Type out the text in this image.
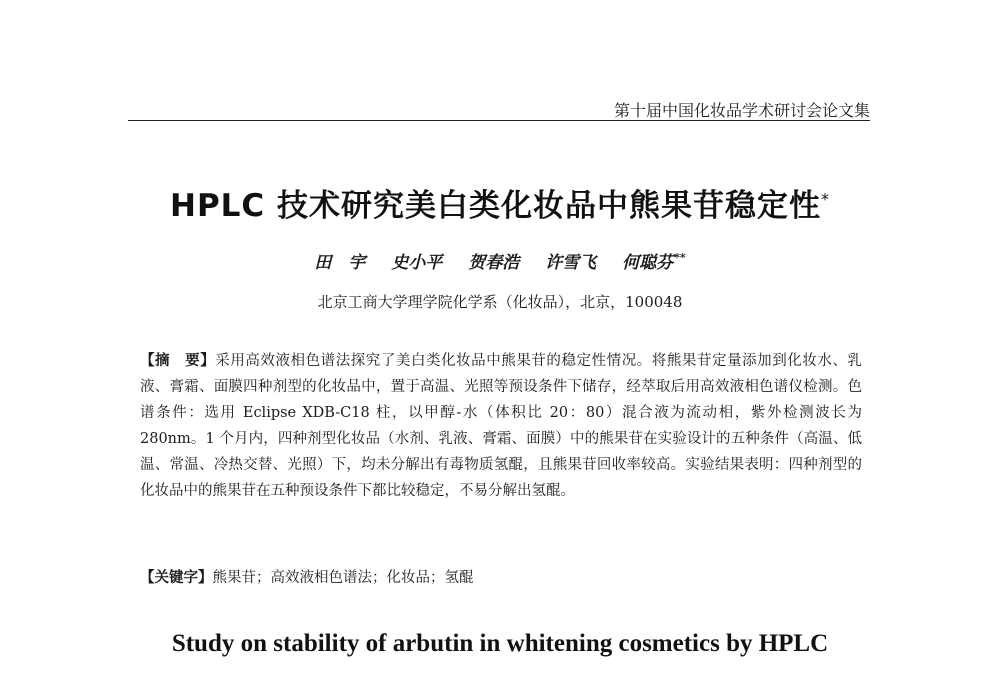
第十届中国化妆品学术研讨会论文集
HPLC 技术研究美白类化妆品中熊果苷稳定性*
田　宇 史小平 贺春浩 许雪飞 何聪芬**
北京工商大学理学院化学系（化妆品），北京，100048
【摘　要】采用高效液相色谱法探究了美白类化妆品中熊果苷的稳定性情况。将熊果苷定量添加到化妆水、乳液、膏霜、面膜四种剂型的化妆品中，置于高温、光照等预设条件下储存，经萃取后用高效液相色谱仪检测。色谱条件：选用 Eclipse XDB-C18 柱，以甲醇-水（体积比 20：80）混合液为流动相，紫外检测波长为 280nm。1 个月内，四种剂型化妆品（水剂、乳液、膏霜、面膜）中的熊果苷在实验设计的五种条件（高温、低温、常温、冷热交替、光照）下，均未分解出有毒物质氢醌，且熊果苷回收率较高。实验结果表明：四种剂型的化妆品中的熊果苷在五种预设条件下都比较稳定，不易分解出氢醌。
【关键字】熊果苷；高效液相色谱法；化妆品；氢醌
Study on stability of arbutin in whitening cosmetics by HPLC
